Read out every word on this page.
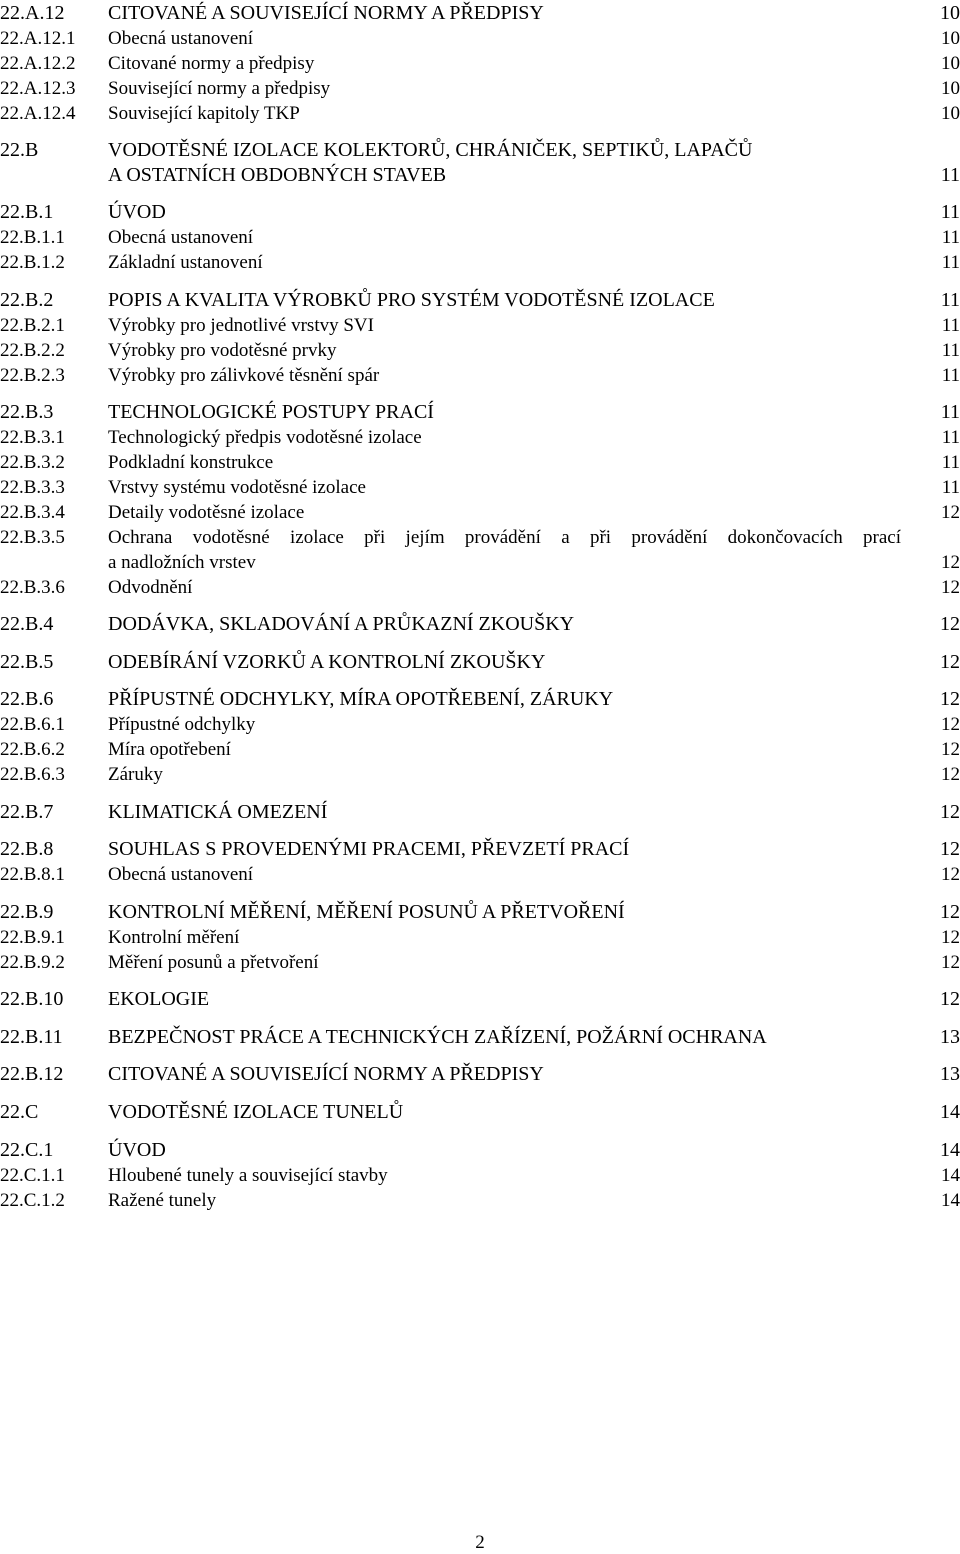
22.A.12 CITOVANÉ A SOUVISEJÍCÍ NORMY A PŘEDPISY	10
22.A.12.1 Obecná ustanovení	10
22.A.12.2 Citované normy a předpisy	10
22.A.12.3 Související normy a předpisy	10
22.A.12.4 Související kapitoly TKP	10
22.B	VODOTĚSNÉ IZOLACE KOLEKTORŮ, CHRÁNIČEK, SEPTIKŮ, LAPAČŮ
A OSTATNÍCH OBDOBNÝCH STAVEB	11
22.B.1	ÚVOD	11
22.B.1.1 Obecná ustanovení	11
22.B.1.2 Základní ustanovení	11
22.B.2	POPIS A KVALITA VÝROBKŮ PRO SYSTÉM VODOTĚSNÉ IZOLACE	11
22.B.2.1 Výrobky pro jednotlivé vrstvy SVI	11
22.B.2.2 Výrobky pro vodotěsné prvky	11
22.B.2.3 Výrobky pro zálivkové těsnění spár	11
22.B.3	TECHNOLOGICKÉ POSTUPY PRACÍ	11
22.B.3.1 Technologický předpis vodotěsné izolace	11
22.B.3.2 Podkladní konstrukce	11
22.B.3.3 Vrstvy systému vodotěsné izolace	11
22.B.3.4 Detaily vodotěsné izolace	12
22.B.3.5 Ochrana vodotěsné izolace při jejím provádění a při provádění dokončovacích prací
a nadložních vrstev	12
22.B.3.6 Odvodnění	12
22.B.4	DODÁVKA, SKLADOVÁNÍ A PRŮKAZNÍ ZKOUŠKY	12
22.B.5	ODEBÍRÁNÍ VZORKŮ A KONTROLNÍ ZKOUŠKY	12
22.B.6	PŘÍPUSTNÉ ODCHYLKY, MÍRA OPOTŘEBENÍ, ZÁRUKY	12
22.B.6.1 Přípustné odchylky	12
22.B.6.2 Míra opotřebení	12
22.B.6.3 Záruky	12
22.B.7	KLIMATICKÁ OMEZENÍ	12
22.B.8	SOUHLAS S PROVEDENÝMI PRACEMI, PŘEVZETÍ PRACÍ	12
22.B.8.1 Obecná ustanovení	12
22.B.9	KONTROLNÍ MĚŘENÍ, MĚŘENÍ POSUNŮ A PŘETVOŘENÍ	12
22.B.9.1 Kontrolní měření	12
22.B.9.2 Měření posunů a přetvoření	12
22.B.10 EKOLOGIE	12
22.B.11 BEZPEČNOST PRÁCE A TECHNICKÝCH ZAŘÍZENÍ, POŽÁRNÍ OCHRANA	13
22.B.12 CITOVANÉ A SOUVISEJÍCÍ NORMY A PŘEDPISY	13
22.C	VODOTĚSNÉ IZOLACE TUNELŮ	14
22.C.1	ÚVOD	14
22.C.1.1 Hloubené tunely a související stavby	14
22.C.1.2 Ražené tunely	14
2
